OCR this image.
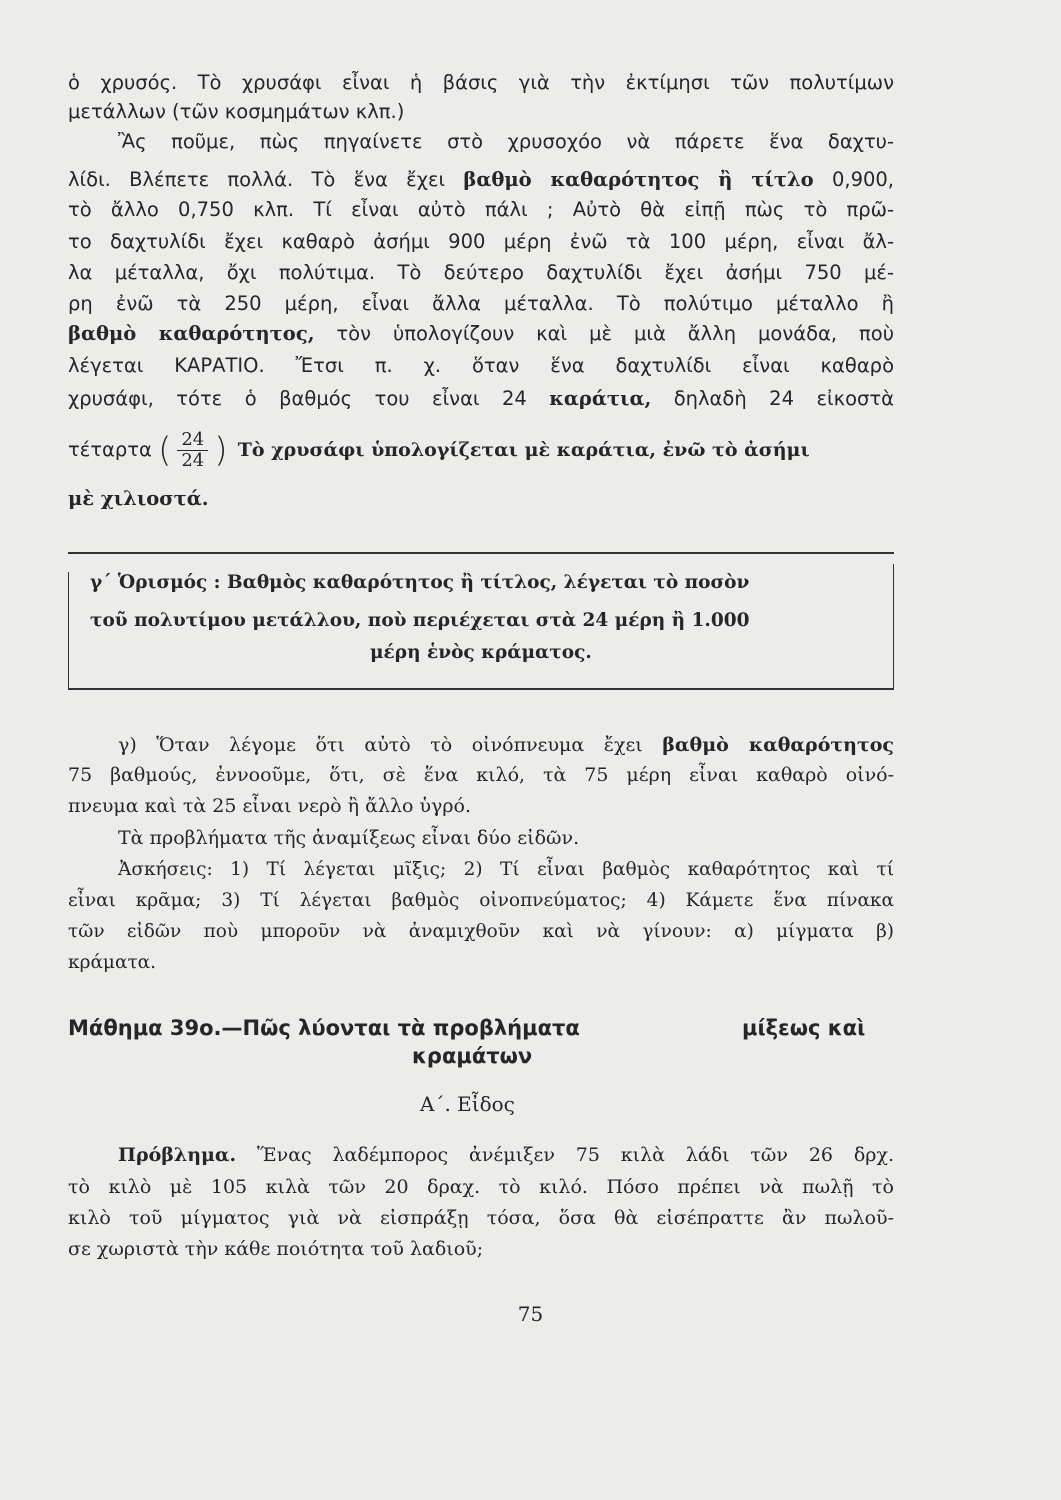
ὁ χρυσός. Τὸ χρυσάφι εἶναι ἡ βάσις γιὰ τὴν ἐκτίμησι τῶν πολυτίμων
μετάλλων (τῶν κοσμημάτων κλπ.)
Ἂς ποῦμε, πὼς πηγαίνετε στὸ χρυσοχόο νὰ πάρετε ἕνα δαχτυ-
λίδι. Βλέπετε πολλά. Τὸ ἕνα ἔχει βαθμὸ καθαρότητος ἢ τίτλο 0,900,
τὸ ἄλλο 0,750 κλπ. Τί εἶναι αὐτὸ πάλι ; Αὐτὸ θὰ εἰπῇ πὼς τὸ πρῶ-
το δαχτυλίδι ἔχει καθαρὸ ἀσήμι 900 μέρη ἐνῶ τὰ 100 μέρη, εἶναι ἄλ-
λα μέταλλα, ὄχι πολύτιμα. Τὸ δεύτερο δαχτυλίδι ἔχει ἀσήμι 750 μέ-
ρη ἐνῶ τὰ 250 μέρη, εἶναι ἄλλα μέταλλα. Τὸ πολύτιμο μέταλλο ἢ
βαθμὸ καθαρότητος, τὸν ὑπολογίζουν καὶ μὲ μιὰ ἄλλη μονάδα, ποὺ
λέγεται ΚΑΡΑΤΙΟ. Ἔτσι π. χ. ὅταν ἕνα δαχτυλίδι εἶναι καθαρὸ
χρυσάφι, τότε ὁ βαθμός του εἶναι 24 καράτια, δηλαδὴ 24 εἰκοστὰ
τέταρτα ( $\frac{24}{24}$ ) Τὸ χρυσάφι ὑπολογίζεται μὲ καράτια, ἐνῶ τὸ ἀσήμι
μὲ χιλιοστά.
γ΄ Ὁρισμός : Βαθμὸς καθαρότητος ἢ τίτλος, λέγεται τὸ ποσὸν
τοῦ πολυτίμου μετάλλου, ποὺ περιέχεται στὰ 24 μέρη ἢ 1.000
μέρη ἑνὸς κράματος.
γ) Ὅταν λέγομε ὅτι αὐτὸ τὸ οἰνόπνευμα ἔχει βαθμὸ καθαρότητος
75 βαθμούς, ἐννοοῦμε, ὅτι, σὲ ἕνα κιλό, τὰ 75 μέρη εἶναι καθαρὸ οἰνό-
πνευμα καὶ τὰ 25 εἶναι νερὸ ἢ ἄλλο ὑγρό.
Τὰ προβλήματα τῆς ἀναμίξεως εἶναι δύο εἰδῶν.
Ἀσκήσεις: 1) Τί λέγεται μῖξις; 2) Τί εἶναι βαθμὸς καθαρότητος καὶ τί
εἶναι κρᾶμα; 3) Τί λέγεται βαθμὸς οἰνοπνεύματος; 4) Κάμετε ἕνα πίνακα
τῶν εἰδῶν ποὺ μποροῦν νὰ ἀναμιχθοῦν καὶ νὰ γίνουν: α) μίγματα β)
κράματα.
Μάθημα 39ο.—Πῶς λύονται τὰ προβλήματα	μίξεως καὶ
κραμάτων
Α΄. Εἶδος
Πρόβλημα. Ἕνας λαδέμπορος ἀνέμιξεν 75 κιλὰ λάδι τῶν 26 δρχ.
τὸ κιλὸ μὲ 105 κιλὰ τῶν 20 δραχ. τὸ κιλό. Πόσο πρέπει νὰ πωλῇ τὸ
κιλὸ τοῦ μίγματος γιὰ νὰ εἰσπράξῃ τόσα, ὅσα θὰ εἰσέπραττε ἂν πωλοῦ-
σε χωριστὰ τὴν κάθε ποιότητα τοῦ λαδιοῦ;
75
